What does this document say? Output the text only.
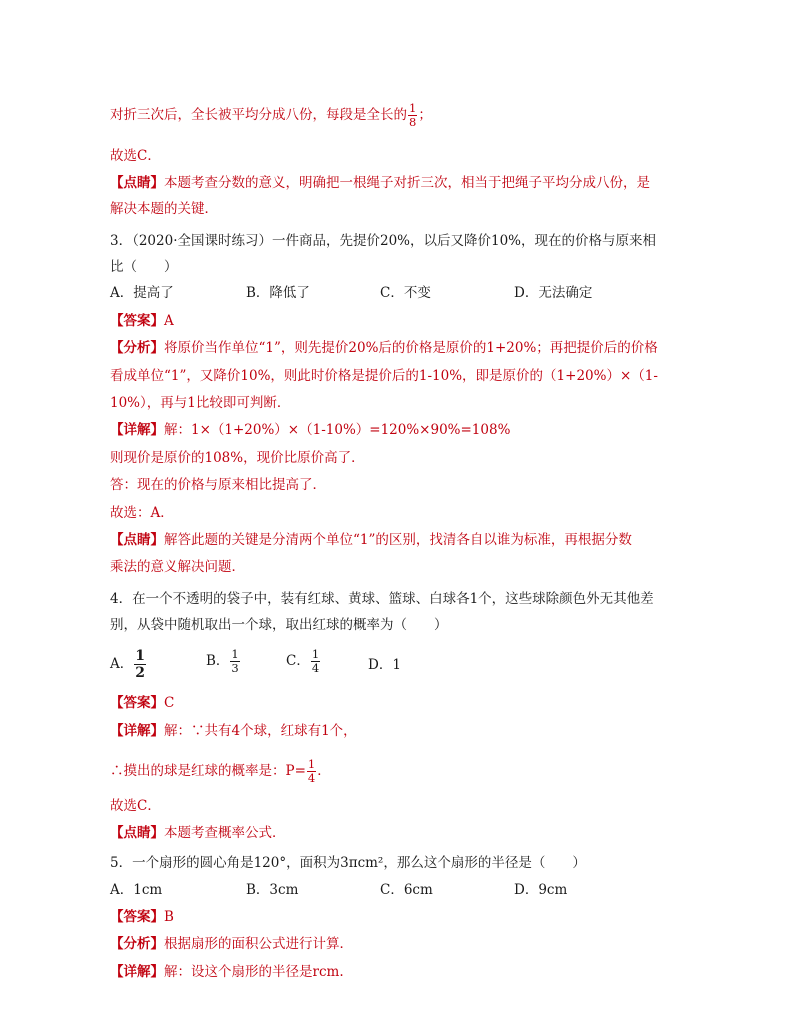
对折三次后，全长被平均分成八份，每段是全长的 $\frac{1}{8}$ ；
故选C．
【点睛】本题考查分数的意义，明确把一根绳子对折三次，相当于把绳子平均分成八份，是
解决本题的关键．
3．（2020·全国课时练习）一件商品，先提价20%，以后又降价10%，现在的价格与原来相
比（　　）
A．提高了	B．降低了	C．不变	D．无法确定
【答案】A
【分析】将原价当作单位“1”，则先提价20%后的价格是原价的1+20%；再把提价后的价格
看成单位“1”，又降价10%，则此时价格是提价后的1-10%，即是原价的（1+20%）×（1-
10%），再与1比较即可判断．
【详解】解：1×（1+20%）×（1-10%）=120%×90%=108%
则现价是原价的108%，现价比原价高了．
答：现在的价格与原来相比提高了．
故选：A．
【点睛】解答此题的关键是分清两个单位“1”的区别，找清各自以谁为标准，再根据分数
乘法的意义解决问题．
4．在一个不透明的袋子中，装有红球、黄球、篮球、白球各1个，这些球除颜色外无其他差
别，从袋中随机取出一个球，取出红球的概率为（　　）
A． $\frac{1}{2}$	B． $\frac{1}{3}$	C． $\frac{1}{4}$	D．1
【答案】C
【详解】解：∵共有4个球，红球有1个，
∴摸出的球是红球的概率是：$P= \frac{1}{4}$ ．
故选C．
【点睛】本题考查概率公式．
5．一个扇形的圆心角是120°，面积为3πcm²，那么这个扇形的半径是（　　）
A．1cm	B．3cm	C．6cm	D．9cm
【答案】B
【分析】根据扇形的面积公式进行计算．
【详解】解：设这个扇形的半径是rcm.
